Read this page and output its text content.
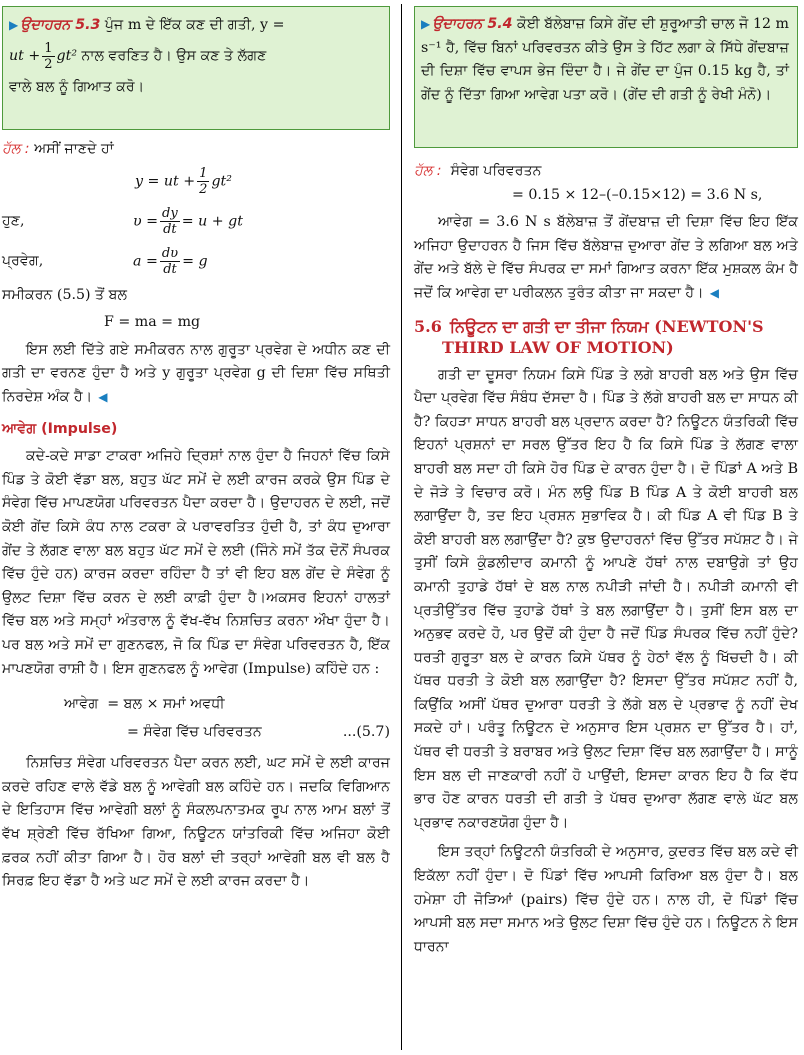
▶ ਉਦਾਹਰਨ 5.3 ਪੁੰਜ m ਦੇ ਇੱਕ ਕਣ ਦੀ ਗਤੀ, y =

ut + $\frac{1}{2} gt^2$ ਨਾਲ ਵਰਣਿਤ ਹੈ। ਉਸ ਕਣ ਤੇ ਲੱਗਣ

ਵਾਲੇ ਬਲ ਨੂੰ ਗਿਆਤ ਕਰੋ।

ਹੱਲ : ਅਸੀਂ ਜਾਣਦੇ ਹਾਂ

y = ut + $\frac{1}{2} gt^2$
ਹੁਣ,	$\upsilon = \frac{dy}{dt} = u$ + gt
ਪ੍ਰਵੇਗ,	$a = \frac{d\upsilon}{dt} = g$

ਸਮੀਕਰਨ (5.5) ਤੋਂ ਬਲ

F = ma = mg

ਇਸ ਲਈ ਦਿੱਤੇ ਗਏ ਸਮੀਕਰਨ ਨਾਲ ਗੁਰੂਤਾ ਪ੍ਰਵੇਗ ਦੇ ਅਧੀਨ ਕਣ ਦੀ ਗਤੀ ਦਾ ਵਰਨਣ ਹੁੰਦਾ ਹੈ ਅਤੇ y ਗੁਰੂਤਾ ਪ੍ਰਵੇਗ g ਦੀ ਦਿਸ਼ਾ ਵਿੱਚ ਸਥਿਤੀ ਨਿਰਦੇਸ਼ ਅੰਕ ਹੈ। ◀

ਆਵੇਗ (Impulse)

ਕਦੇ-ਕਦੇ ਸਾਡਾ ਟਾਕਰਾ ਅਜਿਹੇ ਦ੍ਰਿਸ਼ਾਂ ਨਾਲ ਹੁੰਦਾ ਹੈ ਜਿਹਨਾਂ ਵਿੱਚ ਕਿਸੇ ਪਿੰਡ ਤੇ ਕੋਈ ਵੱਡਾ ਬਲ, ਬਹੁਤ ਘੱਟ ਸਮੇਂ ਦੇ ਲਈ ਕਾਰਜ ਕਰਕੇ ਉਸ ਪਿੰਡ ਦੇ ਸੰਵੇਗ ਵਿੱਚ ਮਾਪਣਯੋਗ ਪਰਿਵਰਤਨ ਪੈਦਾ ਕਰਦਾ ਹੈ। ਉਦਾਹਰਨ ਦੇ ਲਈ, ਜਦੋਂ ਕੋਈ ਗੇਂਦ ਕਿਸੇ ਕੰਧ ਨਾਲ ਟਕਰਾ ਕੇ ਪਰਾਵਰਤਿਤ ਹੁੰਦੀ ਹੈ, ਤਾਂ ਕੰਧ ਦੁਆਰਾ ਗੇਂਦ ਤੇ ਲੱਗਣ ਵਾਲਾ ਬਲ ਬਹੁਤ ਘੱਟ ਸਮੇਂ ਦੇ ਲਈ (ਜਿੰਨੇ ਸਮੇਂ ਤੱਕ ਦੋਨੋਂ ਸੰਪਰਕ ਵਿੱਚ ਹੁੰਦੇ ਹਨ) ਕਾਰਜ ਕਰਦਾ ਰਹਿੰਦਾ ਹੈ ਤਾਂ ਵੀ ਇਹ ਬਲ ਗੇਂਦ ਦੇ ਸੰਵੇਗ ਨੂੰ ਉਲਟ ਦਿਸ਼ਾ ਵਿੱਚ ਕਰਨ ਦੇ ਲਈ ਕਾਫ਼ੀ ਹੁੰਦਾ ਹੈ।ਅਕਸਰ ਇਹਨਾਂ ਹਾਲਤਾਂ ਵਿੱਚ ਬਲ ਅਤੇ ਸਮ੍ਹਾਂ ਅੰਤਰਾਲ ਨੂੰ ਵੱਖ-ਵੱਖ ਨਿਸ਼ਚਿਤ ਕਰਨਾ ਔਖਾ ਹੁੰਦਾ ਹੈ। ਪਰ ਬਲ ਅਤੇ ਸਮੇਂ ਦਾ ਗੁਣਨਫਲ, ਜੋ ਕਿ ਪਿੰਡ ਦਾ ਸੰਵੇਗ ਪਰਿਵਰਤਨ ਹੈ, ਇੱਕ ਮਾਪਣਯੋਗ ਰਾਸ਼ੀ ਹੈ। ਇਸ ਗੁਣਨਫਲ ਨੂੰ ਆਵੇਗ (Impulse) ਕਹਿੰਦੇ ਹਨ :

ਆਵੇਗ = ਬਲ × ਸਮਾਂ ਅਵਧੀ

= ਸੰਵੇਗ ਵਿੱਚ ਪਰਿਵਰਤਨ	...(5.7)

ਨਿਸ਼ਚਿਤ ਸੰਵੇਗ ਪਰਿਵਰਤਨ ਪੈਦਾ ਕਰਨ ਲਈ, ਘਟ ਸਮੇਂ ਦੇ ਲਈ ਕਾਰਜ ਕਰਦੇ ਰਹਿਣ ਵਾਲੇ ਵੱਡੇ ਬਲ ਨੂੰ ਆਵੇਗੀ ਬਲ ਕਹਿੰਦੇ ਹਨ। ਜਦਕਿ ਵਿਗਿਆਨ ਦੇ ਇਤਿਹਾਸ ਵਿੱਚ ਆਵੇਗੀ ਬਲਾਂ ਨੂੰ ਸੰਕਲਪਨਾਤਮਕ ਰੂਪ ਨਾਲ ਆਮ ਬਲਾਂ ਤੋਂ ਵੱਖ ਸ਼੍ਰੇਣੀ ਵਿੱਚ ਰੱਖਿਆ ਗਿਆ, ਨਿਊਟਨ ਯਾਂਤਰਿਕੀ ਵਿੱਚ ਅਜਿਹਾ ਕੋਈ ਫ਼ਰਕ ਨਹੀਂ ਕੀਤਾ ਗਿਆ ਹੈ। ਹੋਰ ਬਲਾਂ ਦੀ ਤਰ੍ਹਾਂ ਆਵੇਗੀ ਬਲ ਵੀ ਬਲ ਹੈ ਸਿਰਫ਼ ਇਹ ਵੱਡਾ ਹੈ ਅਤੇ ਘਟ ਸਮੇਂ ਦੇ ਲਈ ਕਾਰਜ ਕਰਦਾ ਹੈ।

▶ ਉਦਾਹਰਨ 5.4 ਕੋਈ ਬੱਲੇਬਾਜ਼ ਕਿਸੇ ਗੇਂਦ ਦੀ ਸ਼ੁਰੂਆਤੀ ਚਾਲ ਜੋ 12 m s⁻¹ ਹੈ, ਵਿੱਚ ਬਿਨਾਂ ਪਰਿਵਰਤਨ ਕੀਤੇ ਉਸ ਤੇ ਹਿੱਟ ਲਗਾ ਕੇ ਸਿੱਧੇ ਗੇਂਦਬਾਜ਼ ਦੀ ਦਿਸ਼ਾ ਵਿੱਚ ਵਾਪਸ ਭੇਜ ਦਿੰਦਾ ਹੈ। ਜੇ ਗੇਂਦ ਦਾ ਪੁੰਜ 0.15 kg ਹੈ, ਤਾਂ ਗੇਂਦ ਨੂੰ ਦਿੱਤਾ ਗਿਆ ਆਵੇਗ ਪਤਾ ਕਰੋ। (ਗੇਂਦ ਦੀ ਗਤੀ ਨੂੰ ਰੇਖੀ ਮੰਨੋ)।

ਹੱਲ : ਸੰਵੇਗ ਪਰਿਵਰਤਨ

= 0.15 × 12–(–0.15×12) = 3.6 N s,

ਆਵੇਗ = 3.6 N s ਬੱਲੇਬਾਜ਼ ਤੋਂ ਗੇਂਦਬਾਜ਼ ਦੀ ਦਿਸ਼ਾ ਵਿੱਚ ਇਹ ਇੱਕ ਅਜਿਹਾ ਉਦਾਹਰਨ ਹੈ ਜਿਸ ਵਿੱਚ ਬੱਲੇਬਾਜ਼ ਦੁਆਰਾ ਗੇਂਦ ਤੇ ਲਗਿਆ ਬਲ ਅਤੇ ਗੇਂਦ ਅਤੇ ਬੱਲੇ ਦੇ ਵਿੱਚ ਸੰਪਰਕ ਦਾ ਸਮਾਂ ਗਿਆਤ ਕਰਨਾ ਇੱਕ ਮੁਸ਼ਕਲ ਕੰਮ ਹੈ ਜਦੋਂ ਕਿ ਆਵੇਗ ਦਾ ਪਰੀਕਲਨ ਤੁਰੰਤ ਕੀਤਾ ਜਾ ਸਕਦਾ ਹੈ। ◀

5.6 ਨਿਊਟਨ ਦਾ ਗਤੀ ਦਾ ਤੀਜਾ ਨਿਯਮ (NEWTON'S
THIRD LAW OF MOTION)

ਗਤੀ ਦਾ ਦੂਸਰਾ ਨਿਯਮ ਕਿਸੇ ਪਿੰਡ ਤੇ ਲਗੇ ਬਾਹਰੀ ਬਲ ਅਤੇ ਉਸ ਵਿੱਚ ਪੈਦਾ ਪ੍ਰਵੇਗ ਵਿੱਚ ਸੰਬੰਧ ਦੱਸਦਾ ਹੈ। ਪਿੰਡ ਤੇ ਲੱਗੇ ਬਾਹਰੀ ਬਲ ਦਾ ਸਾਧਨ ਕੀ ਹੈ? ਕਿਹੜਾ ਸਾਧਨ ਬਾਹਰੀ ਬਲ ਪ੍ਰਦਾਨ ਕਰਦਾ ਹੈ? ਨਿਊਟਨ ਯੰਤਰਿਕੀ ਵਿੱਚ ਇਹਨਾਂ ਪ੍ਰਸ਼ਨਾਂ ਦਾ ਸਰਲ ਉੱਤਰ ਇਹ ਹੈ ਕਿ ਕਿਸੇ ਪਿੰਡ ਤੇ ਲੱਗਣ ਵਾਲਾ ਬਾਹਰੀ ਬਲ ਸਦਾ ਹੀ ਕਿਸੇ ਹੋਰ ਪਿੰਡ ਦੇ ਕਾਰਨ ਹੁੰਦਾ ਹੈ। ਦੋ ਪਿੰਡਾਂ A ਅਤੇ B ਦੇ ਜੋੜੇ ਤੇ ਵਿਚਾਰ ਕਰੋ। ਮੰਨ ਲਉ ਪਿੰਡ B ਪਿੰਡ A ਤੇ ਕੋਈ ਬਾਹਰੀ ਬਲ ਲਗਾਉਂਦਾ ਹੈ, ਤਦ ਇਹ ਪ੍ਰਸ਼ਨ ਸੁਭਾਵਿਕ ਹੈ। ਕੀ ਪਿੰਡ A ਵੀ ਪਿੰਡ B ਤੇ ਕੋਈ ਬਾਹਰੀ ਬਲ ਲਗਾਉਂਦਾ ਹੈ? ਕੁਝ ਉਦਾਹਰਨਾਂ ਵਿੱਚ ਉੱਤਰ ਸਪੱਸ਼ਟ ਹੈ। ਜੇ ਤੁਸੀਂ ਕਿਸੇ ਕੁੰਡਲੀਦਾਰ ਕਮਾਨੀ ਨੂੰ ਆਪਣੇ ਹੱਥਾਂ ਨਾਲ ਦਬਾਉਗੇ ਤਾਂ ਉਹ ਕਮਾਨੀ ਤੁਹਾਡੇ ਹੱਥਾਂ ਦੇ ਬਲ ਨਾਲ ਨਪੀੜੀ ਜਾਂਦੀ ਹੈ। ਨਪੀੜੀ ਕਮਾਨੀ ਵੀ ਪ੍ਰਤੀਉੱਤਰ ਵਿੱਚ ਤੁਹਾਡੇ ਹੱਥਾਂ ਤੇ ਬਲ ਲਗਾਉਂਦਾ ਹੈ। ਤੁਸੀਂ ਇਸ ਬਲ ਦਾ ਅਨੁਭਵ ਕਰਦੇ ਹੋ, ਪਰ ਉਦੋਂ ਕੀ ਹੁੰਦਾ ਹੈ ਜਦੋਂ ਪਿੰਡ ਸੰਪਰਕ ਵਿੱਚ ਨਹੀਂ ਹੁੰਦੇ? ਧਰਤੀ ਗੁਰੂਤਾ ਬਲ ਦੇ ਕਾਰਨ ਕਿਸੇ ਪੱਥਰ ਨੂੰ ਹੇਠਾਂ ਵੱਲ ਨੂੰ ਖਿੱਚਦੀ ਹੈ। ਕੀ ਪੱਥਰ ਧਰਤੀ ਤੇ ਕੋਈ ਬਲ ਲਗਾਉਂਦਾ ਹੈ? ਇਸਦਾ ਉੱਤਰ ਸਪੱਸ਼ਟ ਨਹੀਂ ਹੈ, ਕਿਉਂਕਿ ਅਸੀਂ ਪੱਥਰ ਦੁਆਰਾ ਧਰਤੀ ਤੇ ਲੱਗੇ ਬਲ ਦੇ ਪ੍ਰਭਾਵ ਨੂੰ ਨਹੀਂ ਦੇਖ ਸਕਦੇ ਹਾਂ। ਪਰੰਤੂ ਨਿਊਟਨ ਦੇ ਅਨੁਸਾਰ ਇਸ ਪ੍ਰਸ਼ਨ ਦਾ ਉੱਤਰ ਹੈ। ਹਾਂ, ਪੱਥਰ ਵੀ ਧਰਤੀ ਤੇ ਬਰਾਬਰ ਅਤੇ ਉਲਟ ਦਿਸ਼ਾ ਵਿੱਚ ਬਲ ਲਗਾਉਂਦਾ ਹੈ। ਸਾਨੂੰ ਇਸ ਬਲ ਦੀ ਜਾਣਕਾਰੀ ਨਹੀਂ ਹੋ ਪਾਉਂਦੀ, ਇਸਦਾ ਕਾਰਨ ਇਹ ਹੈ ਕਿ ਵੱਧ ਭਾਰ ਹੋਣ ਕਾਰਨ ਧਰਤੀ ਦੀ ਗਤੀ ਤੇ ਪੱਥਰ ਦੁਆਰਾ ਲੱਗਣ ਵਾਲੇ ਘੱਟ ਬਲ ਪ੍ਰਭਾਵ ਨਕਾਰਣਯੋਗ ਹੁੰਦਾ ਹੈ।

ਇਸ ਤਰ੍ਹਾਂ ਨਿਊਟਨੀ ਯੰਤਰਿਕੀ ਦੇ ਅਨੁਸਾਰ, ਕੁਦਰਤ ਵਿੱਚ ਬਲ ਕਦੇ ਵੀ ਇਕੱਲਾ ਨਹੀਂ ਹੁੰਦਾ। ਦੋ ਪਿੰਡਾਂ ਵਿੱਚ ਆਪਸੀ ਕਿਰਿਆ ਬਲ ਹੁੰਦਾ ਹੈ। ਬਲ ਹਮੇਸ਼ਾ ਹੀ ਜੋੜਿਆਂ (pairs) ਵਿੱਚ ਹੁੰਦੇ ਹਨ। ਨਾਲ ਹੀ, ਦੋ ਪਿੰਡਾਂ ਵਿੱਚ ਆਪਸੀ ਬਲ ਸਦਾ ਸਮਾਨ ਅਤੇ ਉਲਟ ਦਿਸ਼ਾ ਵਿੱਚ ਹੁੰਦੇ ਹਨ। ਨਿਊਟਨ ਨੇ ਇਸ ਧਾਰਨਾ
